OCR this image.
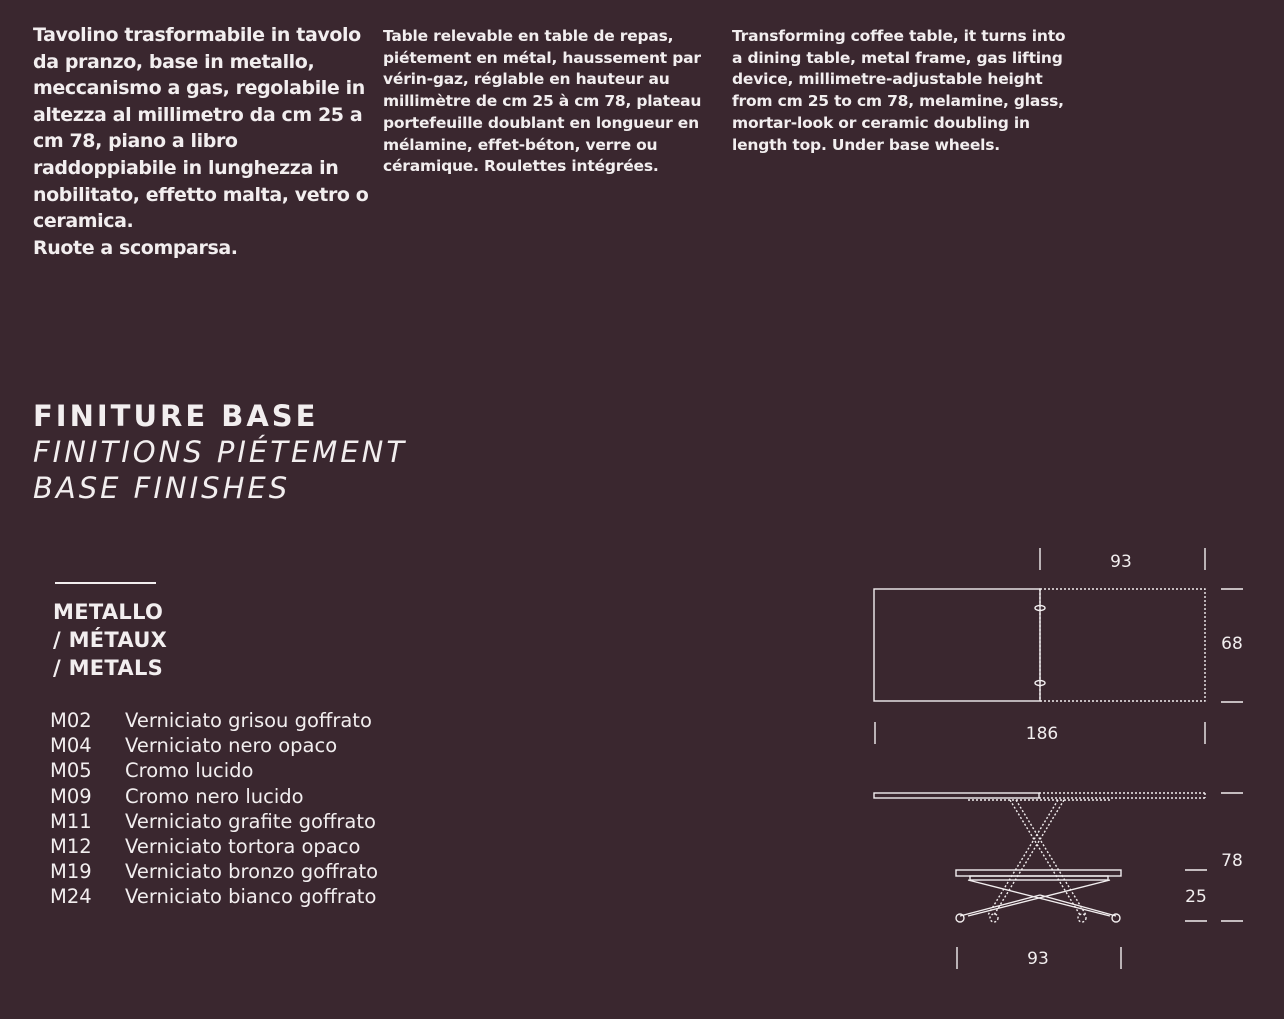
Tavolino trasformabile in tavolo da pranzo, base in metallo, meccanismo a gas, regolabile in altezza al millimetro da cm 25 a cm 78, piano a libro raddoppiabile in lunghezza in nobilitato, effetto malta, vetro o ceramica.
Ruote a scomparsa.
Table relevable en table de repas, piétement en métal, haussement par vérin-gaz, réglable en hauteur au millimètre de cm 25 à cm 78, plateau portefeuille doublant en longueur en mélamine, effet-béton, verre ou céramique. Roulettes intégrées.
Transforming coffee table, it turns into a dining table, metal frame, gas lifting device, millimetre-adjustable height from cm 25 to cm 78, melamine, glass, mortar-look or ceramic doubling in length top. Under base wheels.
FINITURE BASE
FINITIONS PIÉTEMENT
BASE FINISHES
METALLO
/ MÉTAUX
/ METALS
M02	Verniciato grisou goffrato
M04	Verniciato nero opaco
M05	Cromo lucido
M09	Cromo nero lucido
M11	Verniciato grafite goffrato
M12	Verniciato tortora opaco
M19	Verniciato bronzo goffrato
M24	Verniciato bianco goffrato
93
68
186
78
25
93
